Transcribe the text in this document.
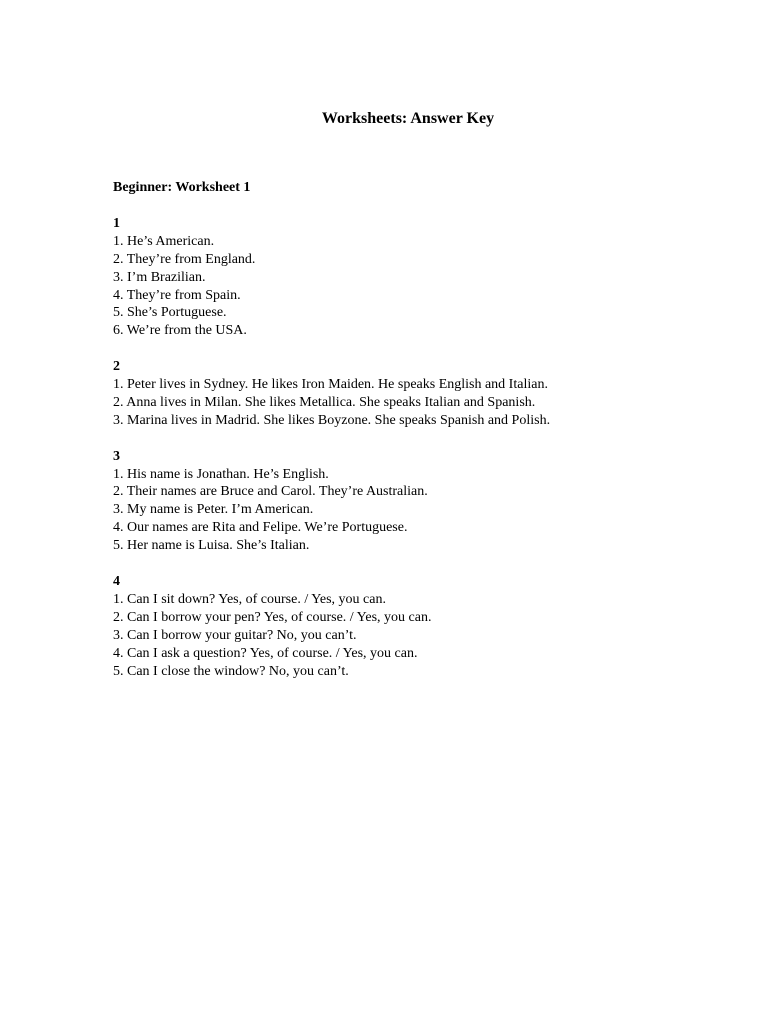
Worksheets: Answer Key

Beginner: Worksheet 1

1

1. He’s American.

2. They’re from England.

3. I’m Brazilian.

4. They’re from Spain.

5. She’s Portuguese.

6. We’re from the USA.

2

1. Peter lives in Sydney. He likes Iron Maiden. He speaks English and Italian.

2. Anna lives in Milan. She likes Metallica. She speaks Italian and Spanish.

3. Marina lives in Madrid. She likes Boyzone. She speaks Spanish and Polish.

3

1. His name is Jonathan. He’s English.

2. Their names are Bruce and Carol. They’re Australian.

3. My name is Peter. I’m American.

4. Our names are Rita and Felipe. We’re Portuguese.

5. Her name is Luisa. She’s Italian.

4

1. Can I sit down? Yes, of course. / Yes, you can.

2. Can I borrow your pen? Yes, of course. / Yes, you can.

3. Can I borrow your guitar? No, you can’t.

4. Can I ask a question? Yes, of course. / Yes, you can.

5. Can I close the window? No, you can’t.
